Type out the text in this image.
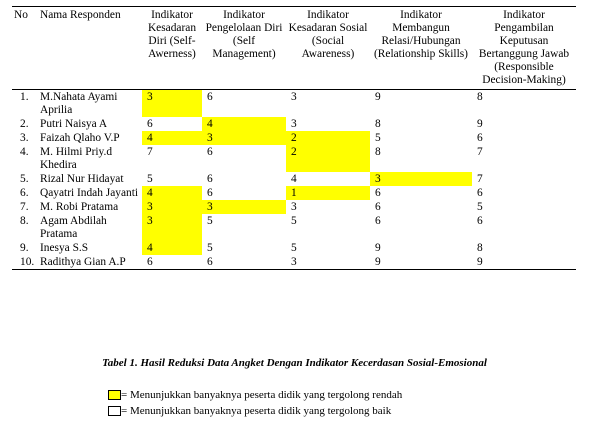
No	Nama Responden	Indikator Kesadaran Diri (Self-Awerness)	Indikator Pengelolaan Diri (Self Management)	Indikator Kesadaran Sosial (Social Awareness)	Indikator Membangun Relasi/Hubungan (Relationship Skills)	Indikator Pengambilan Keputusan Bertanggung Jawab (Responsible Decision-Making)
1.	M.Nahata Ayami Aprilia	3	6	3	9	8
2.	Putri Naisya A	6	4	3	8	9
3.	Faizah Qlaho V.P	4	3	2	5	6
4.	M. Hilmi Priy.d Khedira	7	6	2	8	7
5.	Rizal Nur Hidayat	5	6	4	3	7
6.	Qayatri Indah Jayanti	4	6	1	6	6
7.	M. Robi Pratama	3	3	3	6	5
8.	Agam Abdilah Pratama	3	5	5	6	6
9.	Inesya S.S	4	5	5	9	8
10.	Radithya Gian A.P	6	6	3	9	9
Tabel 1. Hasil Reduksi Data Angket Dengan Indikator Kecerdasan Sosial-Emosional
= Menunjukkan banyaknya peserta didik yang tergolong rendah
= Menunjukkan banyaknya peserta didik yang tergolong baik
